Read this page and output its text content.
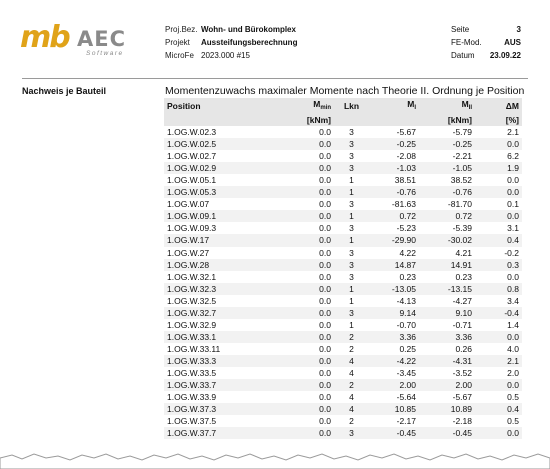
mb AEC
Software
Proj.Bez. Wohn- und Bürokomplex
Projekt	Aussteifungsberechnung
MicroFe 2023.000 #15
Seite	3
FE-Mod.	AUS
Datum 23.09.22
Nachweis je Bauteil	Momentenzuwachs maximaler Momente nach Theorie II. Ordnung je Position
Position	$M_{min}$	Lkn	$M_I$	$M_{II}$	ΔM
	[kNm]			[kNm]	[%]
1.OG.W.02.3	0.0	3	-5.67	-5.79	2.1
1.OG.W.02.5	0.0	3	-0.25	-0.25	0.0
1.OG.W.02.7	0.0	3	-2.08	-2.21	6.2
1.OG.W.02.9	0.0	3	-1.03	-1.05	1.9
1.OG.W.05.1	0.0	1	38.51	38.52	0.0
1.OG.W.05.3	0.0	1	-0.76	-0.76	0.0
1.OG.W.07	0.0	3	-81.63	-81.70	0.1
1.OG.W.09.1	0.0	1	0.72	0.72	0.0
1.OG.W.09.3	0.0	3	-5.23	-5.39	3.1
1.OG.W.17	0.0	1	-29.90	-30.02	0.4
1.OG.W.27	0.0	3	4.22	4.21	-0.2
1.OG.W.28	0.0	3	14.87	14.91	0.3
1.OG.W.32.1	0.0	3	0.23	0.23	0.0
1.OG.W.32.3	0.0	1	-13.05	-13.15	0.8
1.OG.W.32.5	0.0	1	-4.13	-4.27	3.4
1.OG.W.32.7	0.0	3	9.14	9.10	-0.4
1.OG.W.32.9	0.0	1	-0.70	-0.71	1.4
1.OG.W.33.1	0.0	2	3.36	3.36	0.0
1.OG.W.33.11	0.0	2	0.25	0.26	4.0
1.OG.W.33.3	0.0	4	-4.22	-4.31	2.1
1.OG.W.33.5	0.0	4	-3.45	-3.52	2.0
1.OG.W.33.7	0.0	2	2.00	2.00	0.0
1.OG.W.33.9	0.0	4	-5.64	-5.67	0.5
1.OG.W.37.3	0.0	4	10.85	10.89	0.4
1.OG.W.37.5	0.0	2	-2.17	-2.18	0.5
1.OG.W.37.7	0.0	3	-0.45	-0.45	0.0
